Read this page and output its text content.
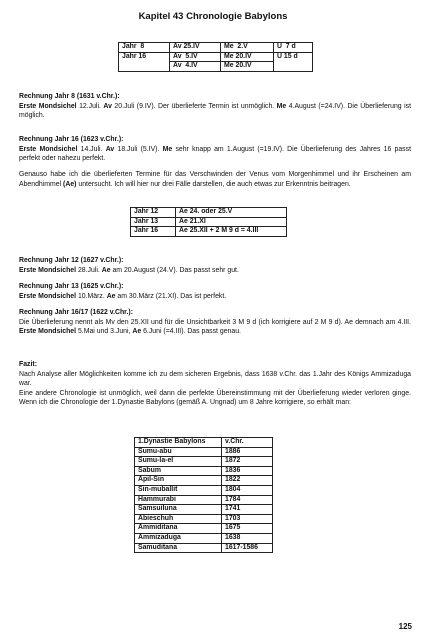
Kapitel 43 Chronologie Babylons
Jahr  8	Av 25.IV	Me  2.V	U  7 d
Jahr 16	Av  5.IV	Me 20.IV	U 15 d
	Av  4.IV	Me 20.IV	

Rechnung Jahr 8 (1631 v.Chr.):
Erste Mondsichel 12.Juli. Av 20.Juli (9.IV). Der überlieferte Termin ist unmöglich. Me 4.August (=24.IV). Die Überlieferung ist möglich.

Rechnung Jahr 16 (1623 v.Chr.):
Erste Mondsichel 14.Juli. Av 18.Juli (5.IV). Me sehr knapp am 1.August (=19.IV). Die Überlieferung des Jahres 16 passt perfekt oder nahezu perfekt.

Genauso habe ich die überlieferten Termine für das Verschwinden der Venus vom Morgenhimmel und ihr Erscheinen am Abendhimmel (Ae) untersucht. Ich will hier nur drei Fälle darstellen, die auch etwas zur Erkenntnis beitragen.

Jahr 12	Ae 24. oder 25.V
Jahr 13	Ae 21.XI
Jahr 16	Ae 25.XII + 2 M 9 d = 4.III

Rechnung Jahr 12 (1627 v.Chr.):
Erste Mondsichel 28.Juli. Ae am 20.August (24.V). Das passt sehr gut.

Rechnung Jahr 13 (1625 v.Chr.):
Erste Mondsichel 10.März. Ae am 30.März (21.XI). Das ist perfekt.

Rechnung Jahr 16/17 (1622 v.Chr.):
Die Überlieferung nennt als Mv den 25.XII und für die Unsichtbarkeit 3 M 9 d (ich korrigiere auf 2 M 9 d). Ae demnach am 4.III. Erste Mondsichel 5.Mai und 3.Juni, Ae 6.Juni (=4.III). Das passt genau.

Fazit:
Nach Analyse aller Möglichkeiten komme ich zu dem sicheren Ergebnis, dass 1638 v.Chr. das 1.Jahr des Königs Ammizaduga war.
Eine andere Chronologie ist unmöglich, weil dann die perfekte Übereinstimmung mit der Überlieferung wieder verloren ginge. Wenn ich die Chronologie der 1.Dynastie Babylons (gemäß A. Ungnad) um 8 Jahre korrigiere, so erhält man:

1.Dynastie Babylons	v.Chr.
Sumu-abu	1886
Sumu-la-el	1872
Sabum	1836
Apil-Sin	1822
Sin-muballit	1804
Hammurabi	1784
Samsuiluna	1741
Abieschuh	1703
Ammiditana	1675
Ammizaduga	1638
Samuditana	1617-1586
125
